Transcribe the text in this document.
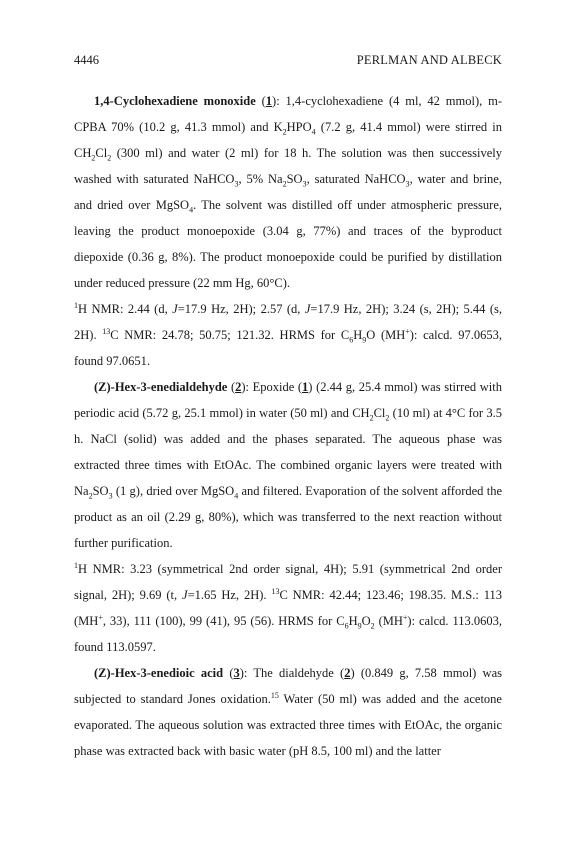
4446	PERLMAN AND ALBECK

1,4-Cyclohexadiene monoxide (1): 1,4-cyclohexadiene (4 ml, 42 mmol), m-CPBA 70% (10.2 g, 41.3 mmol) and $K_2HPO_4$ (7.2 g, 41.4 mmol) were stirred in $CH_2Cl_2$ (300 ml) and water (2 ml) for 18 h. The solution was then successively washed with saturated NaHCO$_3$, 5% $Na_2SO_3$, saturated NaHCO$_3$, water and brine, and dried over MgSO$_4$. The solvent was distilled off under atmospheric pressure, leaving the product monoepoxide (3.04 g, 77%) and traces of the byproduct diepoxide (0.36 g, 8%). The product monoepoxide could be purified by distillation under reduced pressure (22 mm Hg, 60°C).

$^1$H NMR: 2.44 (d, J=17.9 Hz, 2H); 2.57 (d, J=17.9 Hz, 2H); 3.24 (s, 2H); 5.44 (s, 2H). $^{13}$C NMR: 24.78; 50.75; 121.32. HRMS for $C_6H_9O$ (MH+): calcd. 97.0653, found 97.0651.

(Z)-Hex-3-enedialdehyde (2): Epoxide (1) (2.44 g, 25.4 mmol) was stirred with periodic acid (5.72 g, 25.1 mmol) in water (50 ml) and $CH_2Cl_2$ (10 ml) at 4°C for 3.5 h. NaCl (solid) was added and the phases separated. The aqueous phase was extracted three times with EtOAc. The combined organic layers were treated with $Na_2SO_3$ (1 g), dried over MgSO$_4$ and filtered. Evaporation of the solvent afforded the product as an oil (2.29 g, 80%), which was transferred to the next reaction without further purification.

$^1$H NMR: 3.23 (symmetrical 2nd order signal, 4H); 5.91 (symmetrical 2nd order signal, 2H); 9.69 (t, J=1.65 Hz, 2H). $^{13}$C NMR: 42.44; 123.46; 198.35. M.S.: 113 (MH+, 33), 111 (100), 99 (41), 95 (56). HRMS for $C_6H_9O_2$ (MH+): calcd. 113.0603, found 113.0597.

(Z)-Hex-3-enedioic acid (3): The dialdehyde (2) (0.849 g, 7.58 mmol) was subjected to standard Jones oxidation.$^{15}$ Water (50 ml) was added and the acetone evaporated. The aqueous solution was extracted three times with EtOAc, the organic phase was extracted back with basic water (pH 8.5, 100 ml) and the latter
